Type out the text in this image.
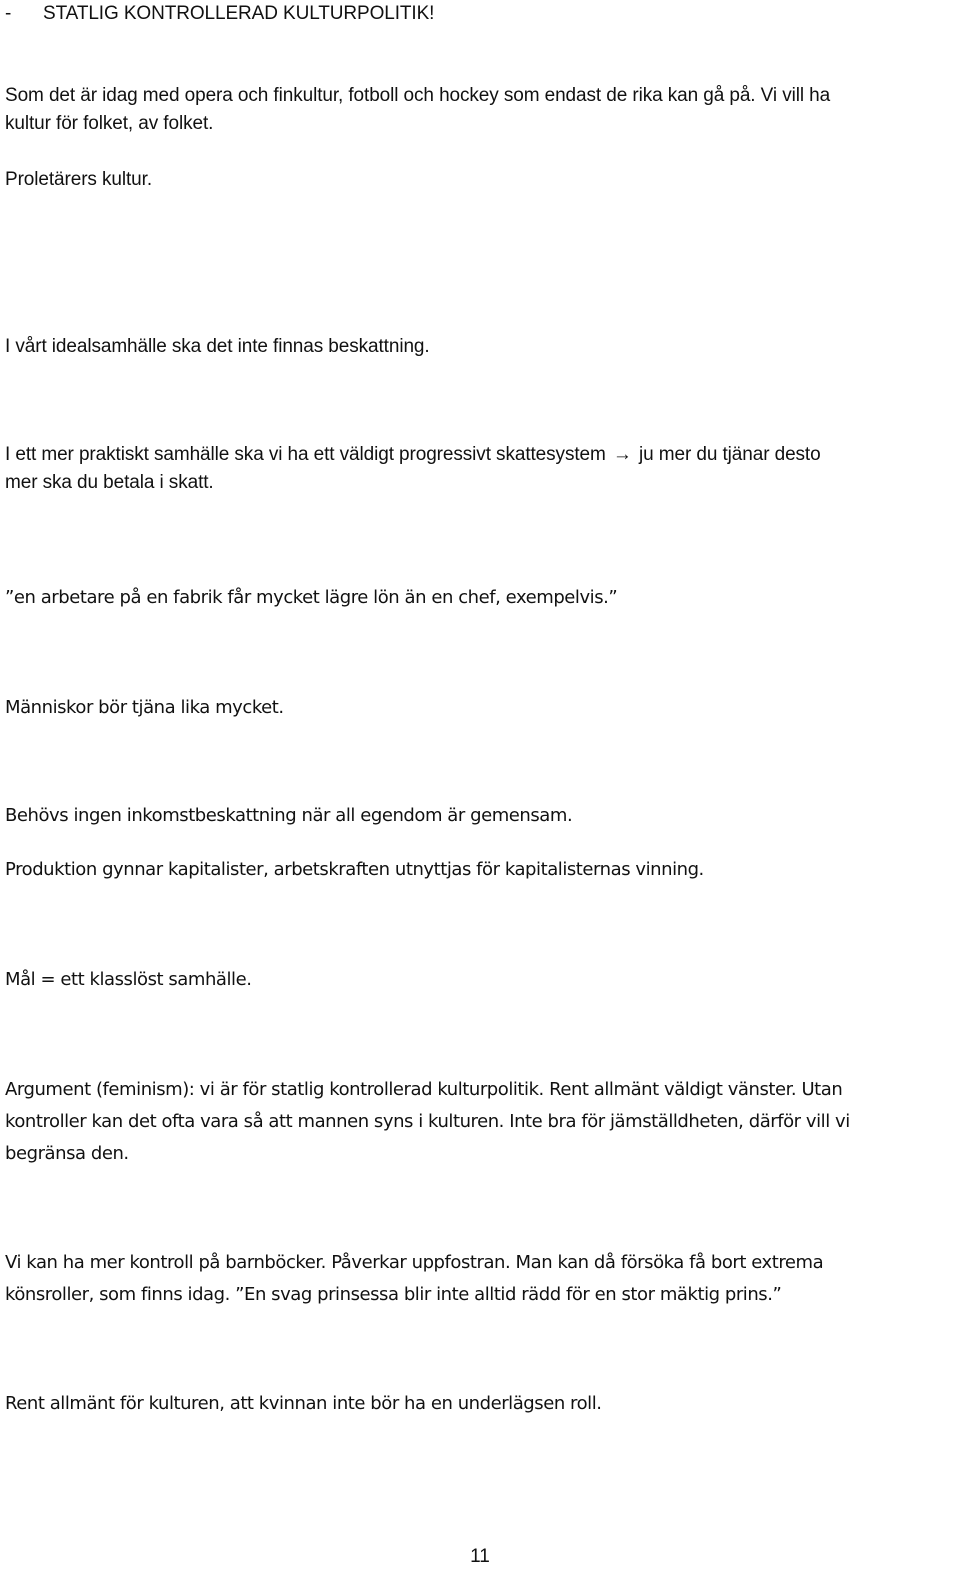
- STATLIG KONTROLLERAD KULTURPOLITIK!

Som det är idag med opera och finkultur, fotboll och hockey som endast de rika kan gå på. Vi vill ha
kultur för folket, av folket.

Proletärers kultur.

I vårt idealsamhälle ska det inte finnas beskattning.

I ett mer praktiskt samhälle ska vi ha ett väldigt progressivt skattesystem → ju mer du tjänar desto
mer ska du betala i skatt.

”en arbetare på en fabrik får mycket lägre lön än en chef, exempelvis.”

Människor bör tjäna lika mycket.

Behövs ingen inkomstbeskattning när all egendom är gemensam.

Produktion gynnar kapitalister, arbetskraften utnyttjas för kapitalisternas vinning.

Mål = ett klasslöst samhälle.

Argument (feminism): vi är för statlig kontrollerad kulturpolitik. Rent allmänt väldigt vänster. Utan
kontroller kan det ofta vara så att mannen syns i kulturen. Inte bra för jämställdheten, därför vill vi
begränsa den.

Vi kan ha mer kontroll på barnböcker. Påverkar uppfostran. Man kan då försöka få bort extrema
könsroller, som finns idag. ”En svag prinsessa blir inte alltid rädd för en stor mäktig prins.”

Rent allmänt för kulturen, att kvinnan inte bör ha en underlägsen roll.

11
